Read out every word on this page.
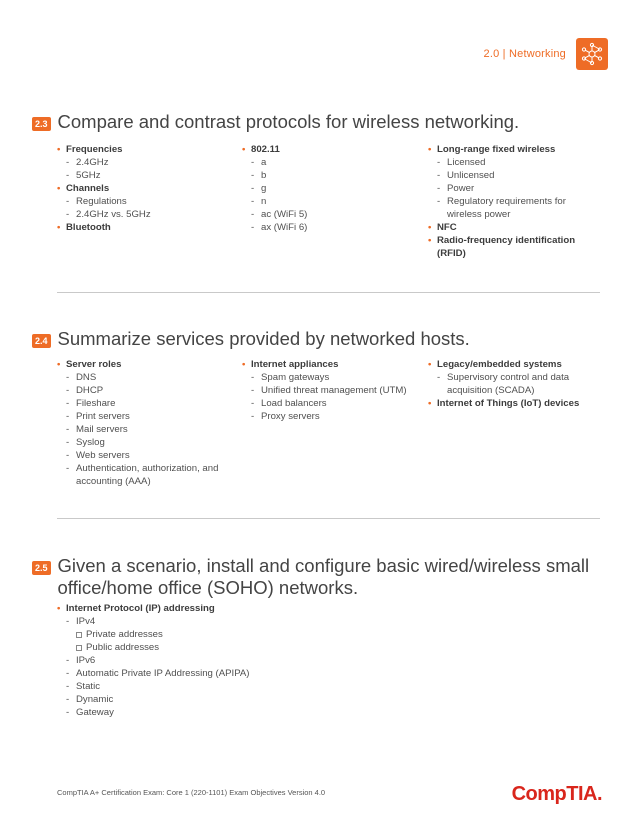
2.0 | Networking
2.3 Compare and contrast protocols for wireless networking.
• Frequencies
- 2.4GHz
- 5GHz
• Channels
- Regulations
- 2.4GHz vs. 5GHz
• Bluetooth
• 802.11
- a
- b
- g
- n
- ac (WiFi 5)
- ax (WiFi 6)
• Long-range fixed wireless
- Licensed
- Unlicensed
- Power
- Regulatory requirements for wireless power
• NFC
• Radio-frequency identification (RFID)
2.4 Summarize services provided by networked hosts.
• Server roles
- DNS
- DHCP
- Fileshare
- Print servers
- Mail servers
- Syslog
- Web servers
- Authentication, authorization, and accounting (AAA)
• Internet appliances
- Spam gateways
- Unified threat management (UTM)
- Load balancers
- Proxy servers
• Legacy/embedded systems
- Supervisory control and data acquisition (SCADA)
• Internet of Things (IoT) devices
2.5 Given a scenario, install and configure basic wired/wireless small office/home office (SOHO) networks.
• Internet Protocol (IP) addressing
- IPv4
Private addresses
Public addresses
- IPv6
- Automatic Private IP Addressing (APIPA)
- Static
- Dynamic
- Gateway
CompTIA A+ Certification Exam: Core 1 (220-1101) Exam Objectives Version 4.0	CompTIA.
